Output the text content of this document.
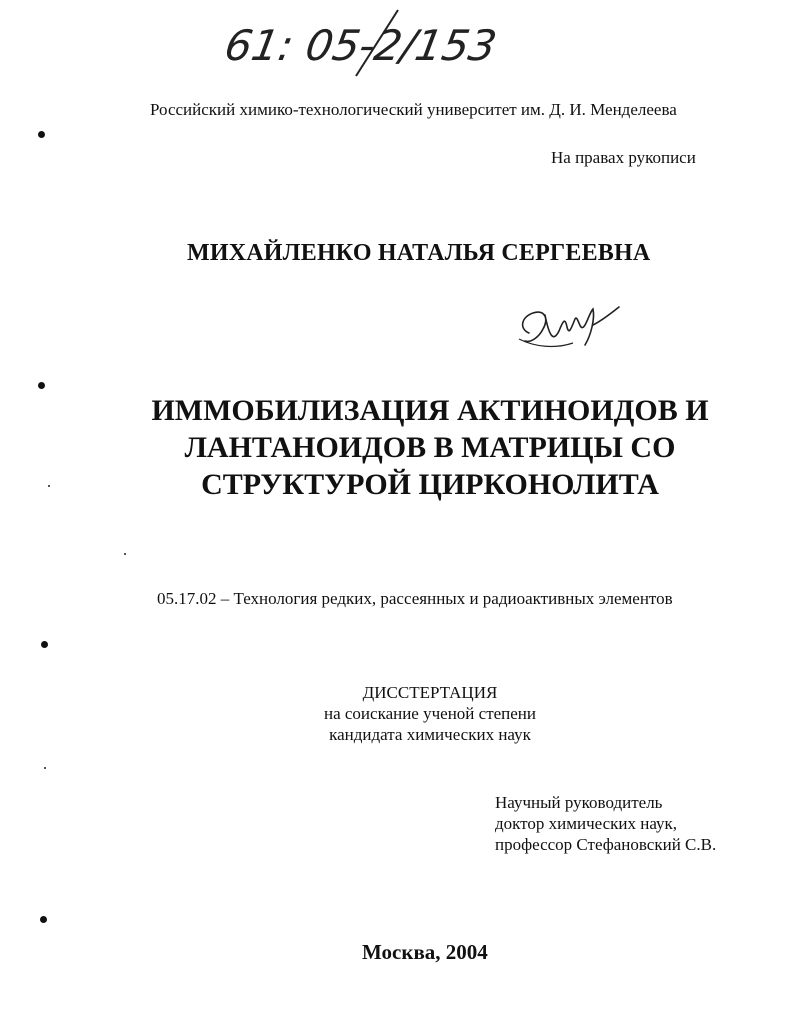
61: 05-2/153
Российский химико-технологический университет им. Д. И. Менделеева
На правах рукописи
МИХАЙЛЕНКО НАТАЛЬЯ СЕРГЕЕВНА
ИММОБИЛИЗАЦИЯ АКТИНОИДОВ И
ЛАНТАНОИДОВ В МАТРИЦЫ СО
СТРУКТУРОЙ ЦИРКОНОЛИТА
05.17.02 – Технология редких, рассеянных и радиоактивных элементов
ДИССТЕРТАЦИЯ
на соискание ученой степени
кандидата химических наук
Научный руководитель
доктор химических наук,
профессор Стефановский С.В.
Москва, 2004
